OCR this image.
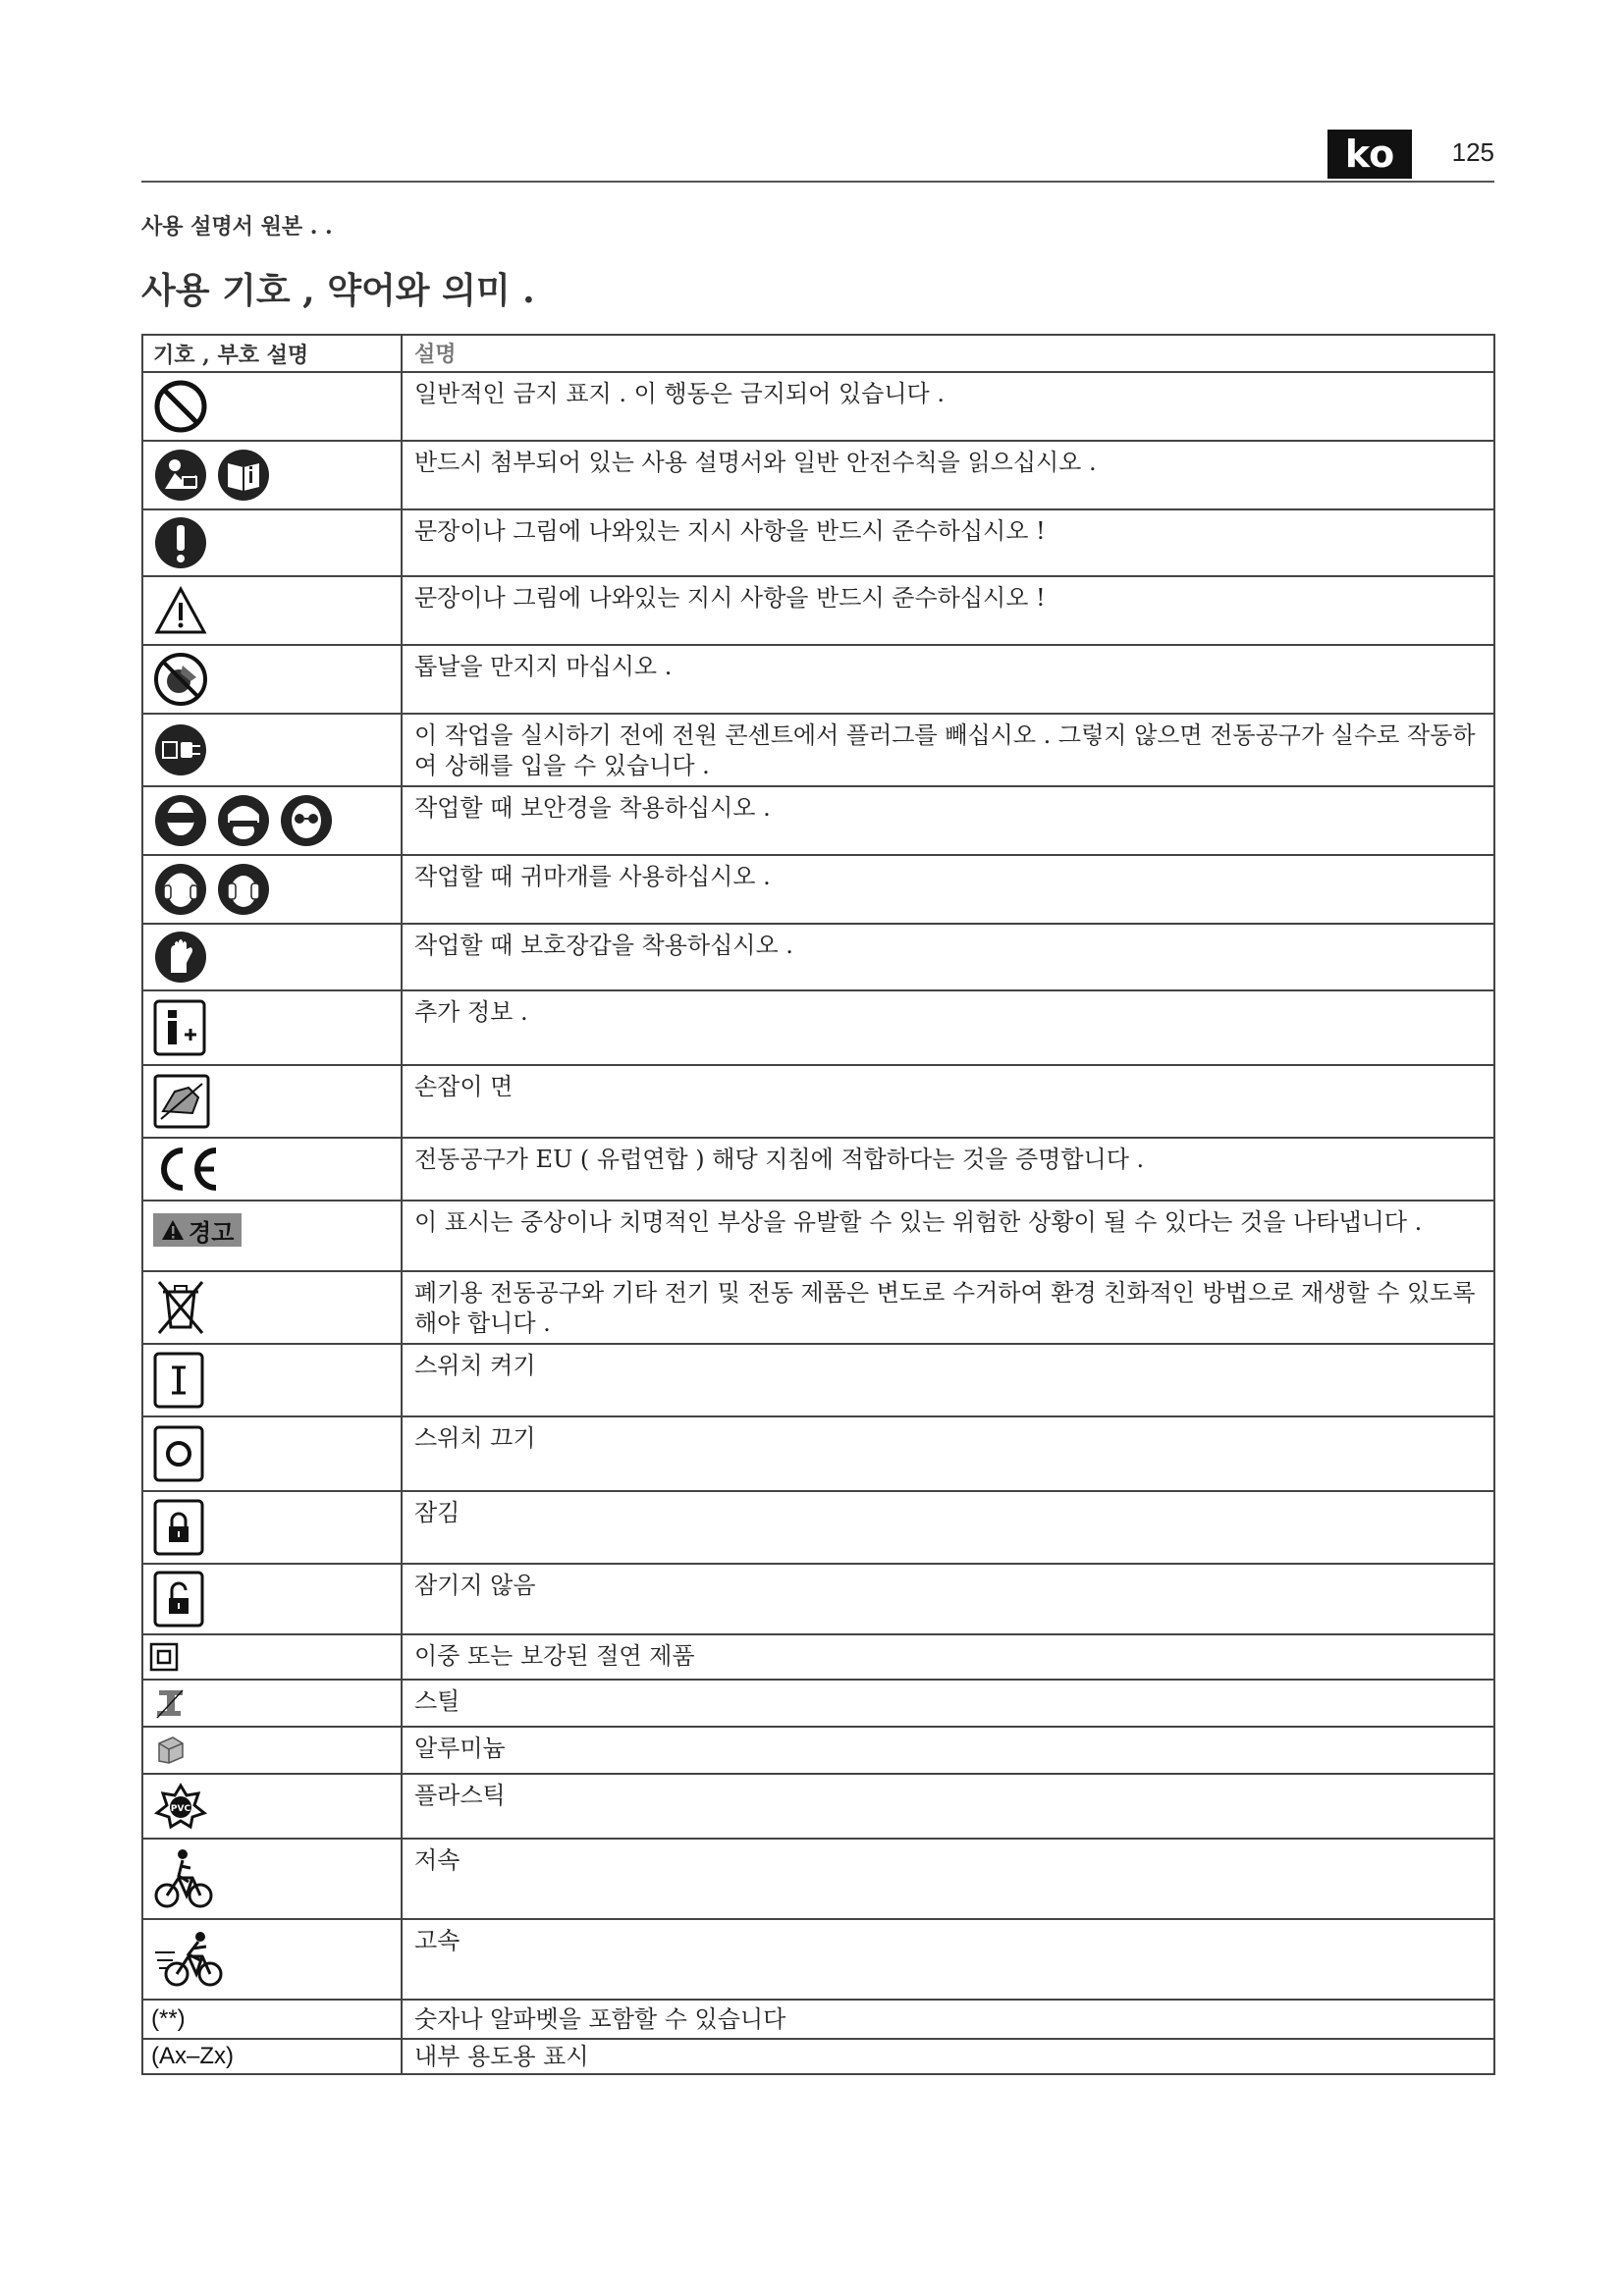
ko	125
사용 설명서 원본 . .
사용 기호 , 약어와 의미 .
기호 , 부호 설명	설명
일반적인 금지 표지 . 이 행동은 금지되어 있습니다 .
반드시 첨부되어 있는 사용 설명서와 일반 안전수칙을 읽으십시오 .
문장이나 그림에 나와있는 지시 사항을 반드시 준수하십시오 !
문장이나 그림에 나와있는 지시 사항을 반드시 준수하십시오 !
톱날을 만지지 마십시오 .
이 작업을 실시하기 전에 전원 콘센트에서 플러그를 빼십시오 . 그렇지 않으면 전동공구가 실수로 작동하여 상해를 입을 수 있습니다 .
작업할 때 보안경을 착용하십시오 .
작업할 때 귀마개를 사용하십시오 .
작업할 때 보호장갑을 착용하십시오 .
추가 정보 .
손잡이 면
전동공구가 EU ( 유럽연합 ) 해당 지침에 적합하다는 것을 증명합니다 .
경고	이 표시는 중상이나 치명적인 부상을 유발할 수 있는 위험한 상황이 될 수 있다는 것을 나타냅니다 .
폐기용 전동공구와 기타 전기 및 전동 제품은 변도로 수거하여 환경 친화적인 방법으로 재생할 수 있도록 해야 합니다 .
스위치 켜기
스위치 끄기
잠김
잠기지 않음
이중 또는 보강된 절연 제품
스틸
알루미늄
PVC	플라스틱
저속
고속
(**)	숫자나 알파벳을 포함할 수 있습니다
(Ax–Zx)	내부 용도용 표시
